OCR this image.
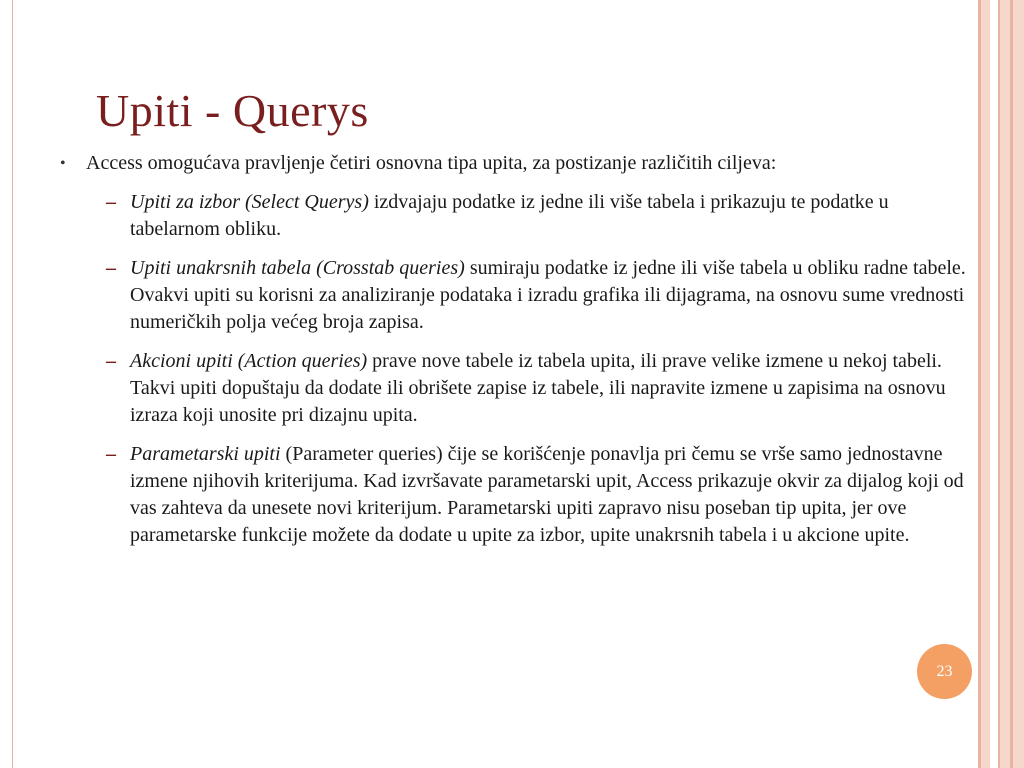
Upiti - Querys
• Access omogućava pravljenje četiri osnovna tipa upita, za postizanje različitih ciljeva:
– Upiti za izbor (Select Querys) izdvajaju podatke iz jedne ili više tabela i prikazuju te podatke u tabelarnom obliku.
– Upiti unakrsnih tabela (Crosstab queries) sumiraju podatke iz jedne ili više tabela u obliku radne tabele. Ovakvi upiti su korisni za analiziranje podataka i izradu grafika ili dijagrama, na osnovu sume vrednosti numeričkih polja većeg broja zapisa.
– Akcioni upiti (Action queries) prave nove tabele iz tabela upita, ili prave velike izmene u nekoj tabeli. Takvi upiti dopuštaju da dodate ili obrišete zapise iz tabele, ili napravite izmene u zapisima na osnovu izraza koji unosite pri dizajnu upita.
– Parametarski upiti (Parameter queries) čije se korišćenje ponavlja pri čemu se vrše samo jednostavne izmene njihovih kriterijuma. Kad izvršavate parametarski upit, Access prikazuje okvir za dijalog koji od vas zahteva da unesete novi kriterijum. Parametarski upiti zapravo nisu poseban tip upita, jer ove parametarske funkcije možete da dodate u upite za izbor, upite unakrsnih tabela i u akcione upite.
23
